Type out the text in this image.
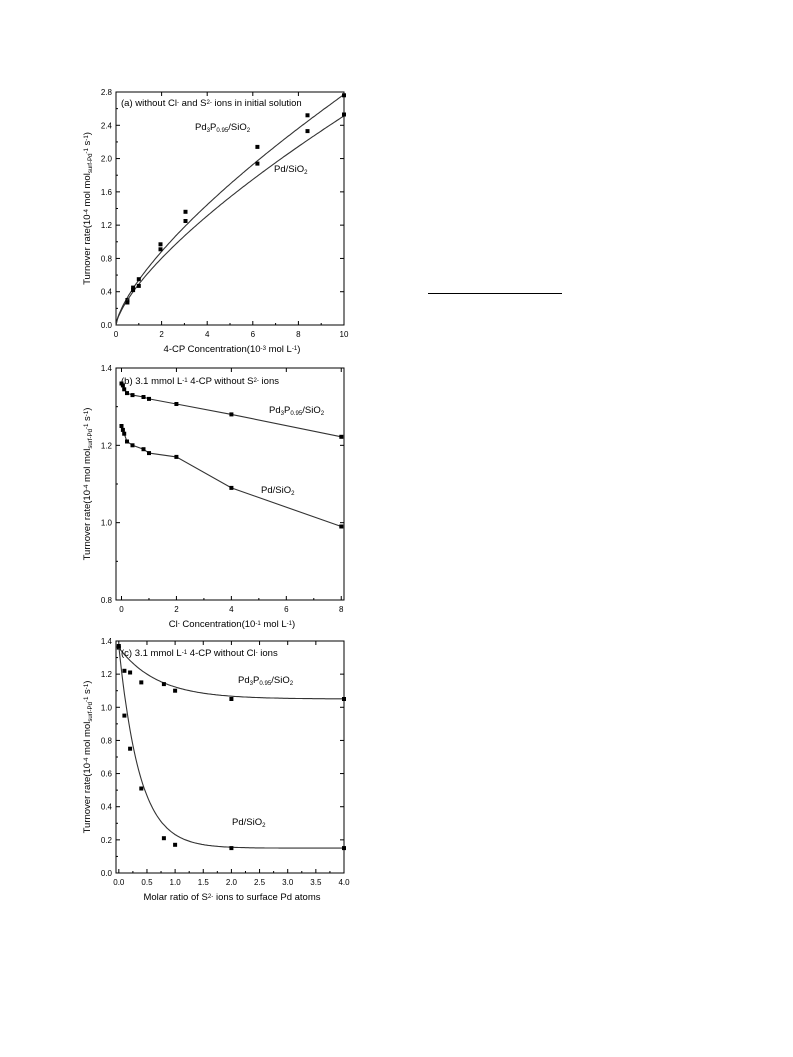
0.0
0.4
0.8
1.2
1.6
2.0
2.4
2.8
0	2	4	6	8	10
(a) without Cl- and S2- ions in initial solution
Pd3P0.95/SiO2
Pd/SiO2
4-CP Concentration(10-3 mol L-1)
Turnover rate(10-4 mol molsurf-Pd-1 s-1)
0.8
1.0
1.2
1.4
0	2	4	6	8
(b) 3.1 mmol L-1 4-CP without S2- ions
Pd3P0.95/SiO2
Pd/SiO2
Cl- Concentration(10-1 mol L-1)
Turnover rate(10-4 mol molsurf-Pd-1 s-1)
0.0
0.2
0.4
0.6
0.8
1.0
1.2
1.4
0.0 0.5 1.0 1.5 2.0 2.5 3.0 3.5 4.0
(c) 3.1 mmol L-1 4-CP without Cl- ions
Pd3P0.95/SiO2
Pd/SiO2
Molar ratio of S2- ions to surface Pd atoms
Turnover rate(10-4 mol molsurf-Pd-1 s-1)
